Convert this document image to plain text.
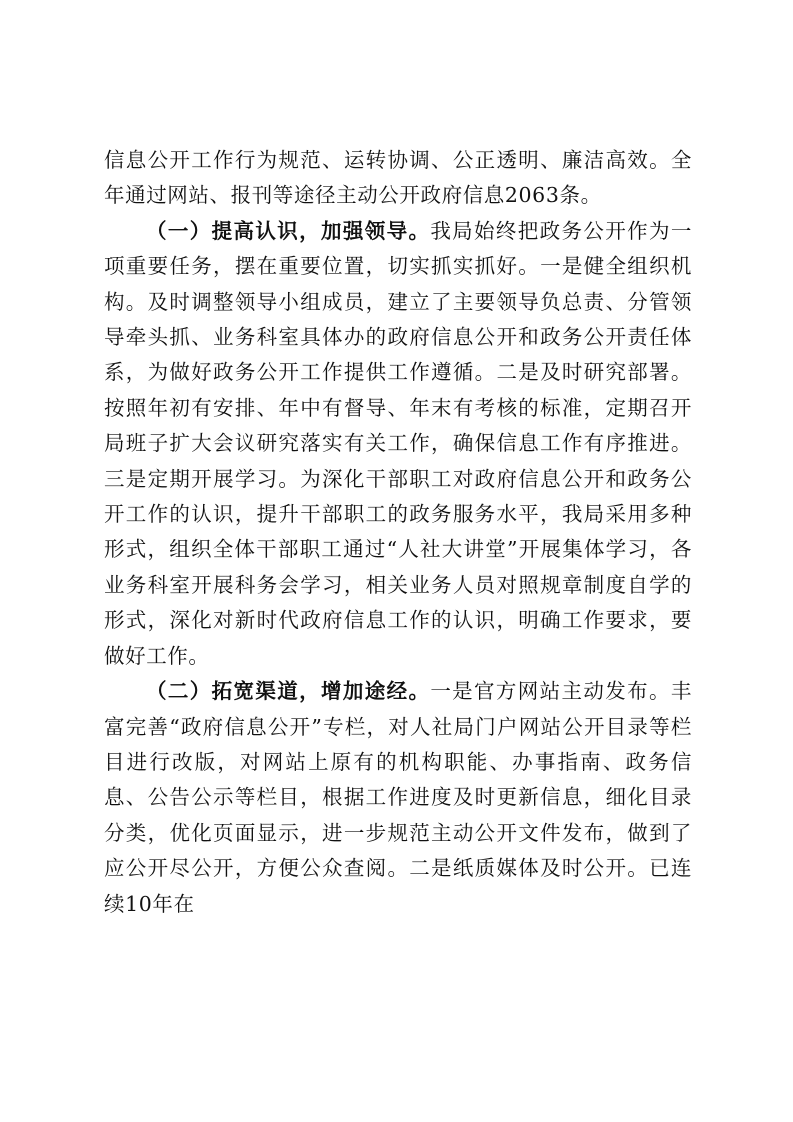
信息公开工作行为规范、运转协调、公正透明、廉洁高效。全年通过网站、报刊等途径主动公开政府信息2063条。

（一）提高认识，加强领导。我局始终把政务公开作为一项重要任务，摆在重要位置，切实抓实抓好。一是健全组织机构。及时调整领导小组成员，建立了主要领导负总责、分管领导牵头抓、业务科室具体办的政府信息公开和政务公开责任体系，为做好政务公开工作提供工作遵循。二是及时研究部署。按照年初有安排、年中有督导、年末有考核的标准，定期召开局班子扩大会议研究落实有关工作，确保信息工作有序推进。三是定期开展学习。为深化干部职工对政府信息公开和政务公开工作的认识，提升干部职工的政务服务水平，我局采用多种形式，组织全体干部职工通过“人社大讲堂”开展集体学习，各业务科室开展科务会学习，相关业务人员对照规章制度自学的形式，深化对新时代政府信息工作的认识，明确工作要求，要做好工作。

（二）拓宽渠道，增加途经。一是官方网站主动发布。丰富完善“政府信息公开”专栏，对人社局门户网站公开目录等栏目进行改版，对网站上原有的机构职能、办事指南、政务信息、公告公示等栏目，根据工作进度及时更新信息，细化目录分类，优化页面显示，进一步规范主动公开文件发布，做到了应公开尽公开，方便公众查阅。二是纸质媒体及时公开。已连续10年在
